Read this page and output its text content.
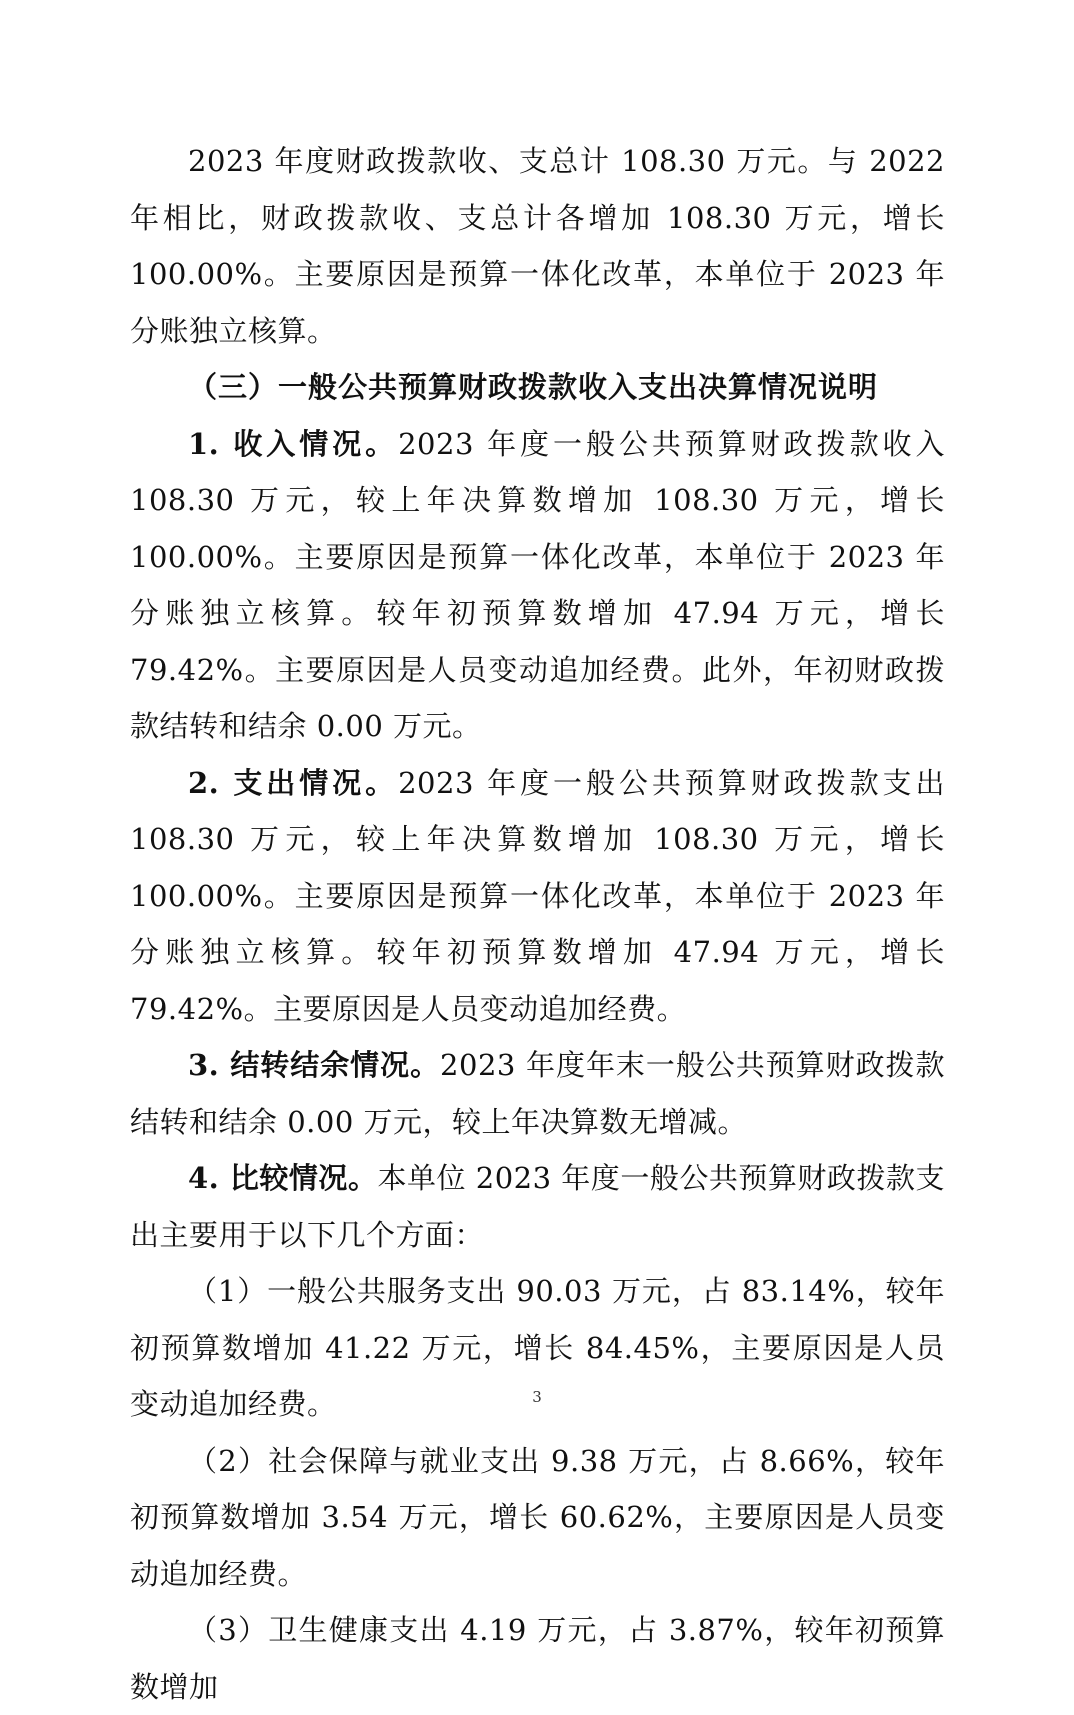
2023 年度财政拨款收、支总计 108.30 万元。与 2022 年相比，财政拨款收、支总计各增加 108.30 万元，增长 100.00%。主要原因是预算一体化改革，本单位于 2023 年分账独立核算。

（三）一般公共预算财政拨款收入支出决算情况说明

1. 收入情况。2023 年度一般公共预算财政拨款收入 108.30 万元，较上年决算数增加 108.30 万元，增长 100.00%。主要原因是预算一体化改革，本单位于 2023 年分账独立核算。较年初预算数增加 47.94 万元，增长 79.42%。主要原因是人员变动追加经费。此外，年初财政拨款结转和结余 0.00 万元。

2. 支出情况。2023 年度一般公共预算财政拨款支出 108.30 万元，较上年决算数增加 108.30 万元，增长 100.00%。主要原因是预算一体化改革，本单位于 2023 年分账独立核算。较年初预算数增加 47.94 万元，增长 79.42%。主要原因是人员变动追加经费。

3. 结转结余情况。2023 年度年末一般公共预算财政拨款结转和结余 0.00 万元，较上年决算数无增减。

4. 比较情况。本单位 2023 年度一般公共预算财政拨款支出主要用于以下几个方面：

（1）一般公共服务支出 90.03 万元，占 83.14%，较年初预算数增加 41.22 万元，增长 84.45%，主要原因是人员变动追加经费。

（2）社会保障与就业支出 9.38 万元，占 8.66%，较年初预算数增加 3.54 万元，增长 60.62%，主要原因是人员变动追加经费。

（3）卫生健康支出 4.19 万元，占 3.87%，较年初预算数增加

3
